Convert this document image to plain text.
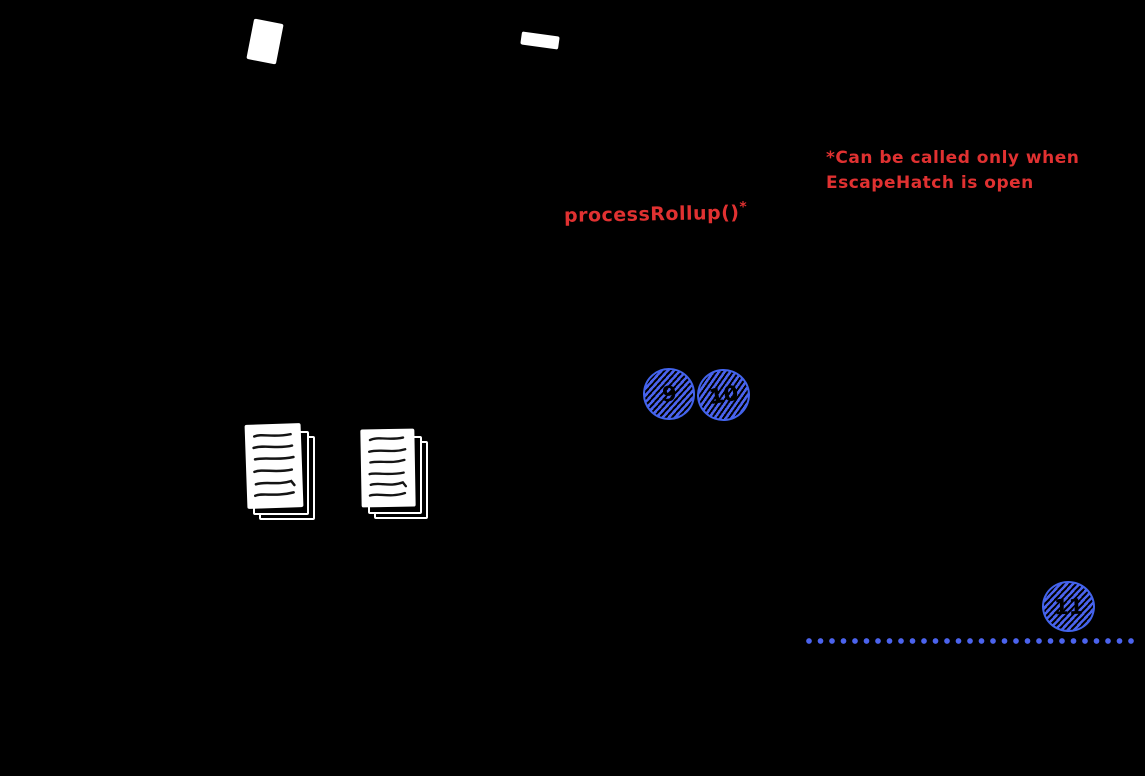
processRollup()*
*Can be called only when
EscapeHatch is open
9 10
11
